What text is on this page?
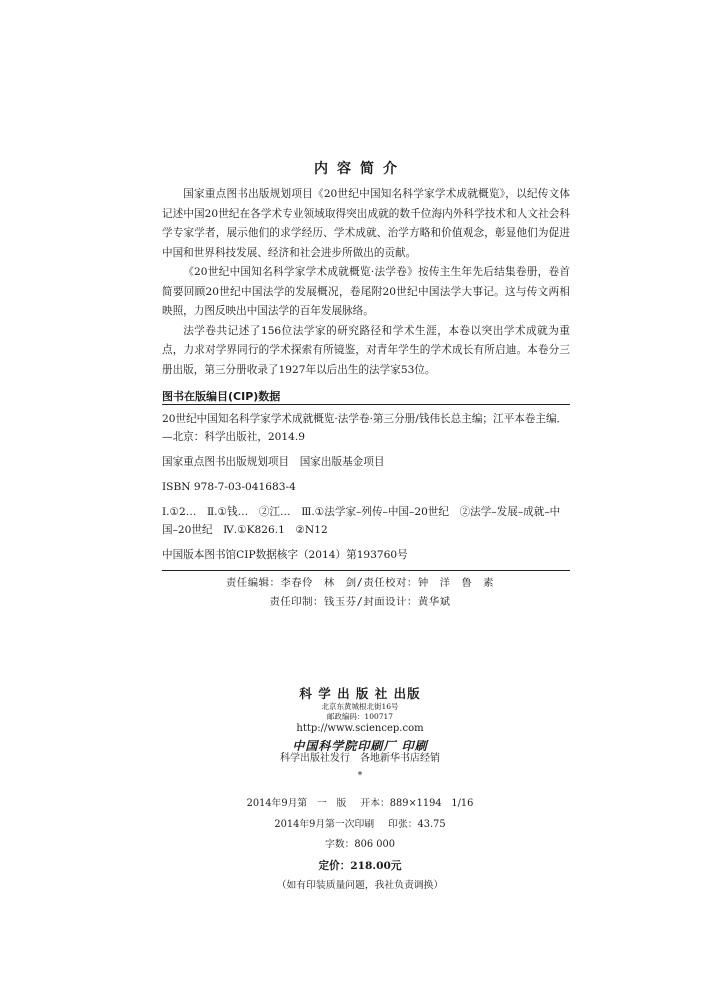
内容简介

国家重点图书出版规划项目《20世纪中国知名科学家学术成就概览》，以纪传文体记述中国20世纪在各学术专业领域取得突出成就的数千位海内外科学技术和人文社会科学专家学者，展示他们的求学经历、学术成就、治学方略和价值观念，彰显他们为促进中国和世界科技发展、经济和社会进步所做出的贡献。

《20世纪中国知名科学家学术成就概览·法学卷》按传主生年先后结集卷册，卷首简要回顾20世纪中国法学的发展概况，卷尾附20世纪中国法学大事记。这与传文两相映照，力图反映出中国法学的百年发展脉络。

法学卷共记述了156位法学家的研究路径和学术生涯，本卷以突出学术成就为重点，力求对学界同行的学术探索有所镜鉴，对青年学生的学术成长有所启迪。本卷分三册出版，第三分册收录了1927年以后出生的法学家53位。

图书在版编目(CIP)数据

20世纪中国知名科学家学术成就概览·法学卷·第三分册/钱伟长总主编；江平本卷主编．—北京：科学出版社，2014.9

国家重点图书出版规划项目　国家出版基金项目

ISBN 978-7-03-041683-4

Ⅰ.①2…　Ⅱ.①钱…　②江…　Ⅲ.①法学家–列传–中国–20世纪　②法学–发展–成就–中国–20世纪　Ⅳ.①K826.1　②N12

中国版本图书馆CIP数据核字（2014）第193760号

责任编辑：李春伶　林　剑/责任校对：钟　洋　鲁　素

责任印制：钱玉芬/封面设计：黄华斌

科 学 出 版 社 出版
北京东黄城根北街16号
邮政编码：100717
http://www.sciencep.com
中国科学院印刷厂 印刷
科学出版社发行　各地新华书店经销
*

2014年9月第　一　版 开本：889×1194　1/16

2014年9月第一次印刷 印张：43.75

字数：806 000

定价：218.00元

（如有印装质量问题，我社负责调换）
